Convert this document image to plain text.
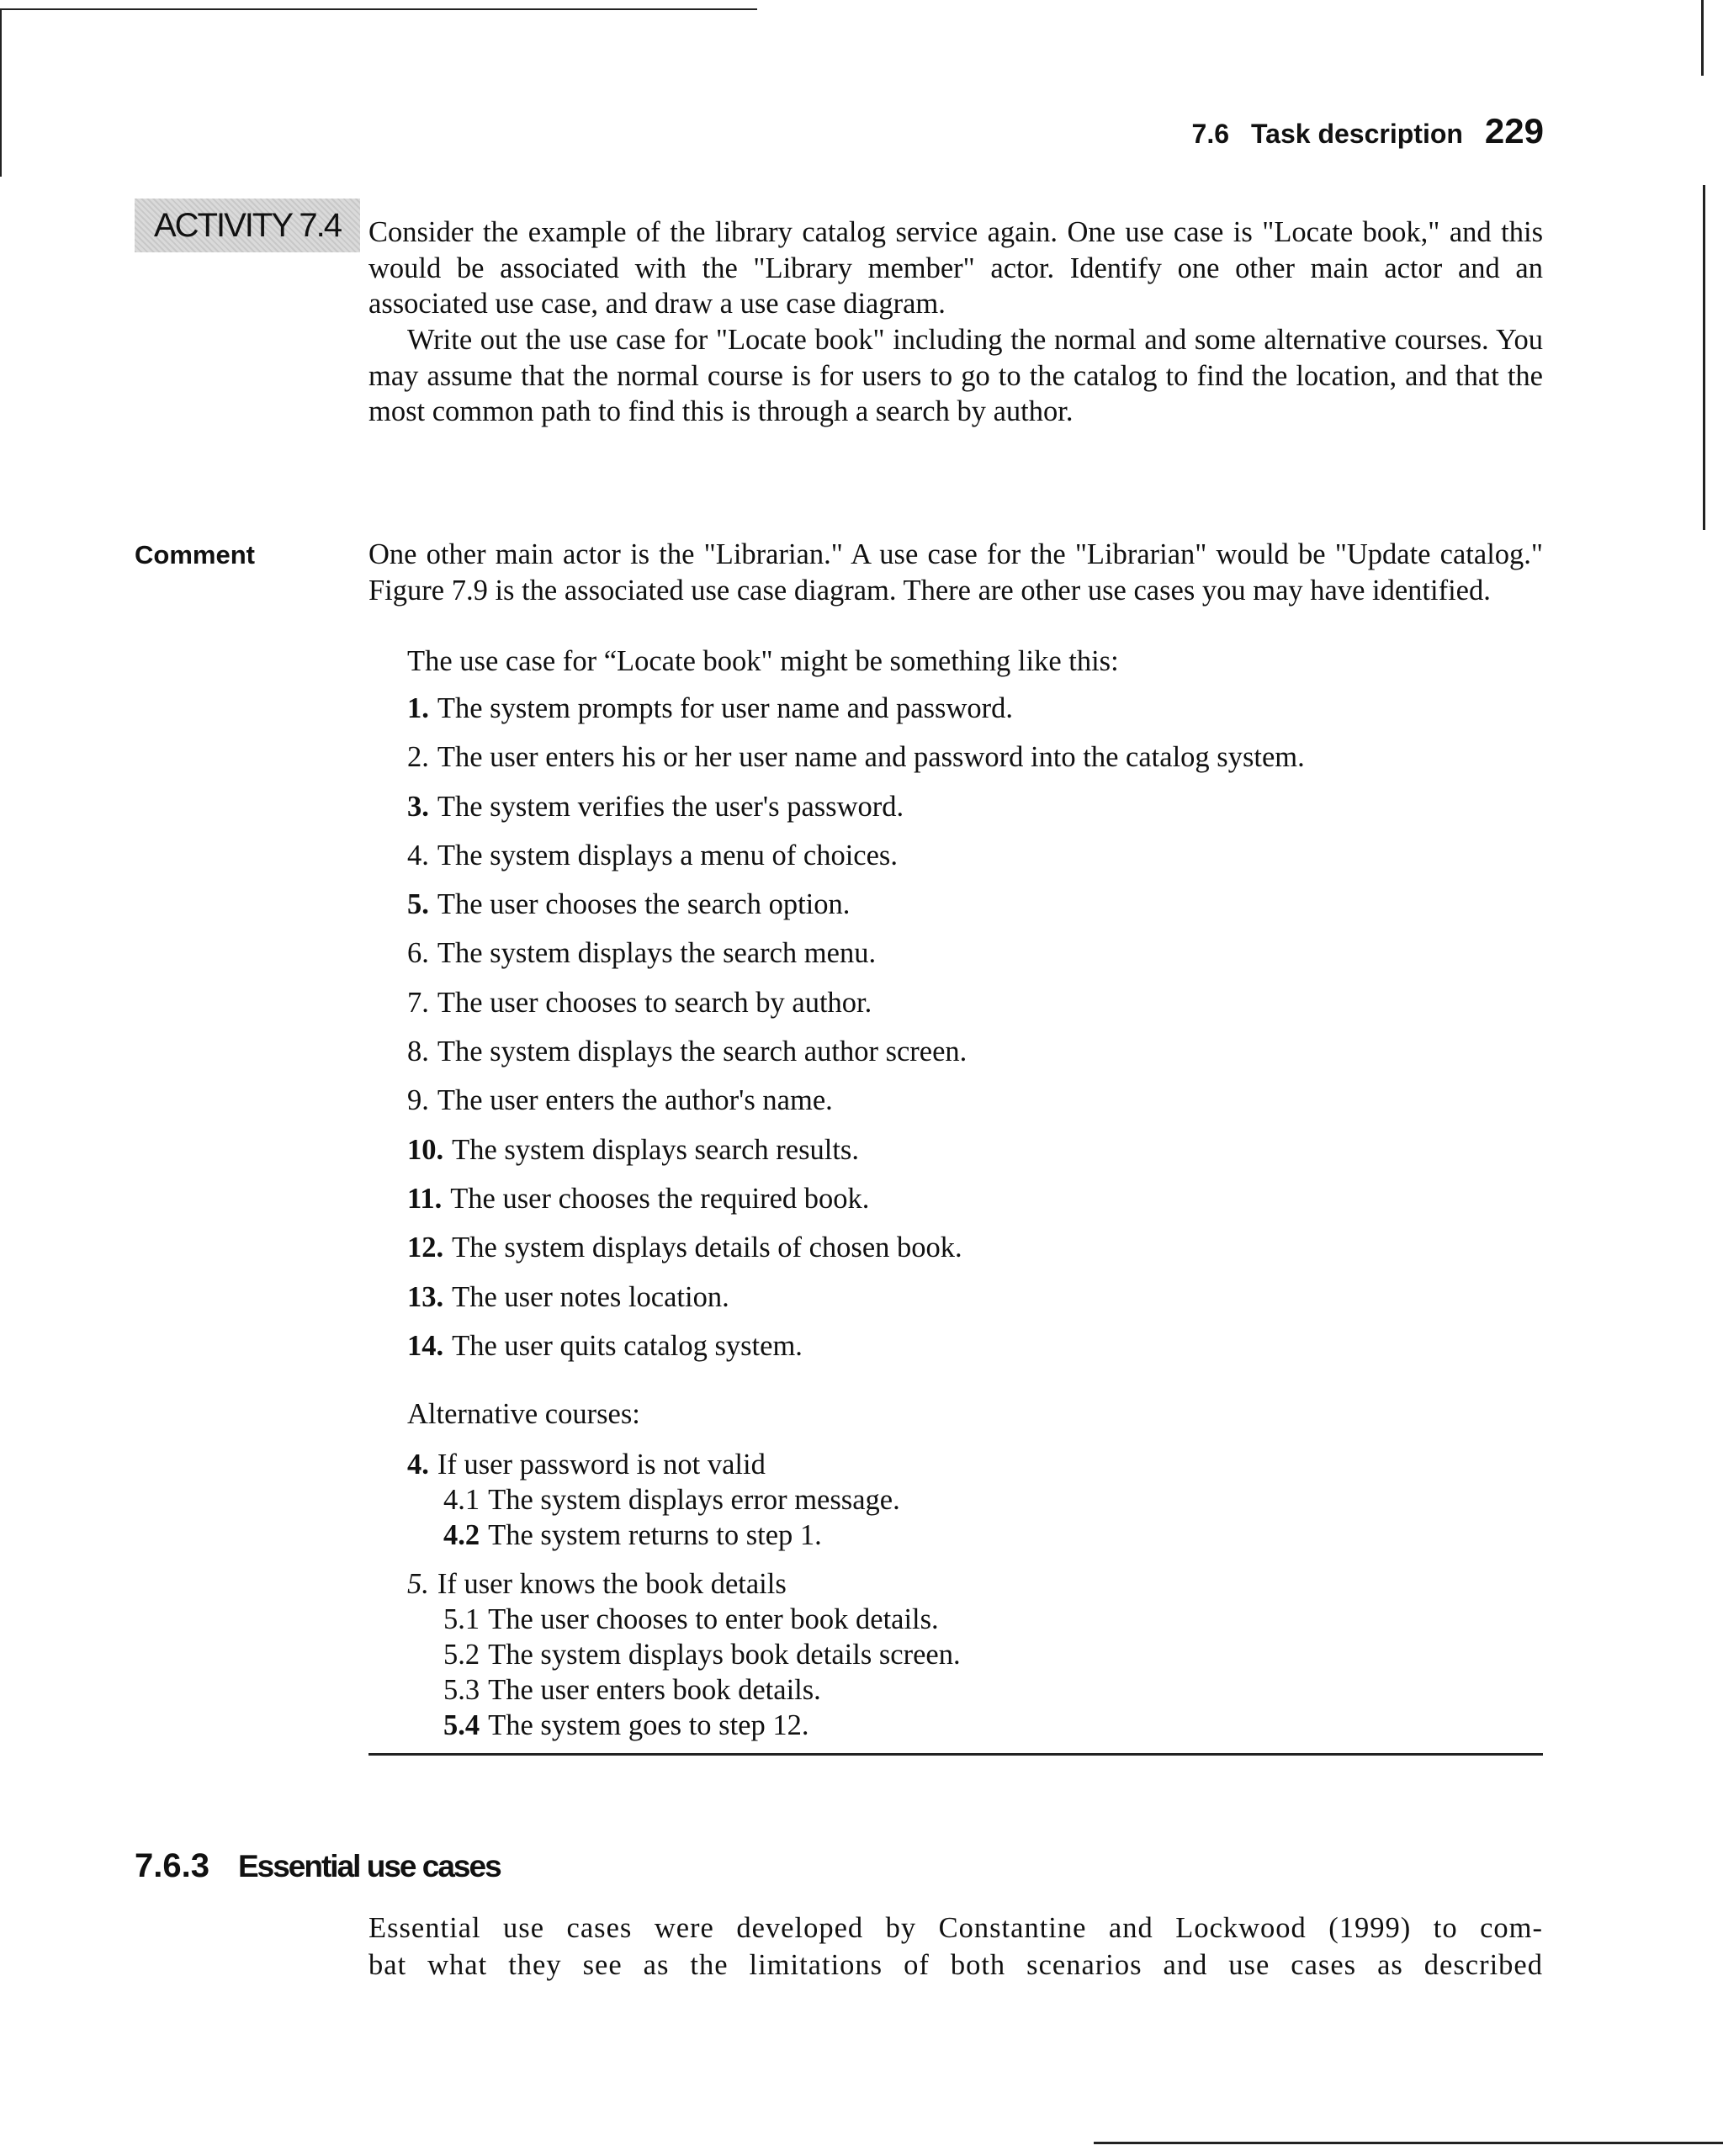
7.6 Task description 229
ACTIVITY 7.4 Consider the example of the library catalog service again. One use case is "Locate book," and this would be associated with the "Library member" actor. Identify one other main actor and an associated use case, and draw a use case diagram.

Write out the use case for "Locate book" including the normal and some alternative courses. You may assume that the normal course is for users to go to the catalog to find the location, and that the most common path to find this is through a search by author.

Comment	One other main actor is the "Librarian." A use case for the "Librarian" would be "Update catalog." Figure 7.9 is the associated use case diagram. There are other use cases you may have identified.

The use case for “Locate book" might be something like this:

1. The system prompts for user name and password.
2. The user enters his or her user name and password into the catalog system.
3. The system verifies the user's password.
4. The system displays a menu of choices.
5. The user chooses the search option.
6. The system displays the search menu.
7. The user chooses to search by author.
8. The system displays the search author screen.
9. The user enters the author's name.
10. The system displays search results.
11. The user chooses the required book.
12. The system displays details of chosen book.
13. The user notes location.
14. The user quits catalog system.
Alternative courses:
4. If user password is not valid
4.1 The system displays error message.
4.2 The system returns to step 1.
5. If user knows the book details
5.1 The user chooses to enter book details.
5.2 The system displays book details screen.
5.3 The user enters book details.
5.4 The system goes to step 12.
7.6.3 Essential use cases
Essential use cases were developed by Constantine and Lockwood (1999) to com-
bat what they see as the limitations of both scenarios and use cases as described
